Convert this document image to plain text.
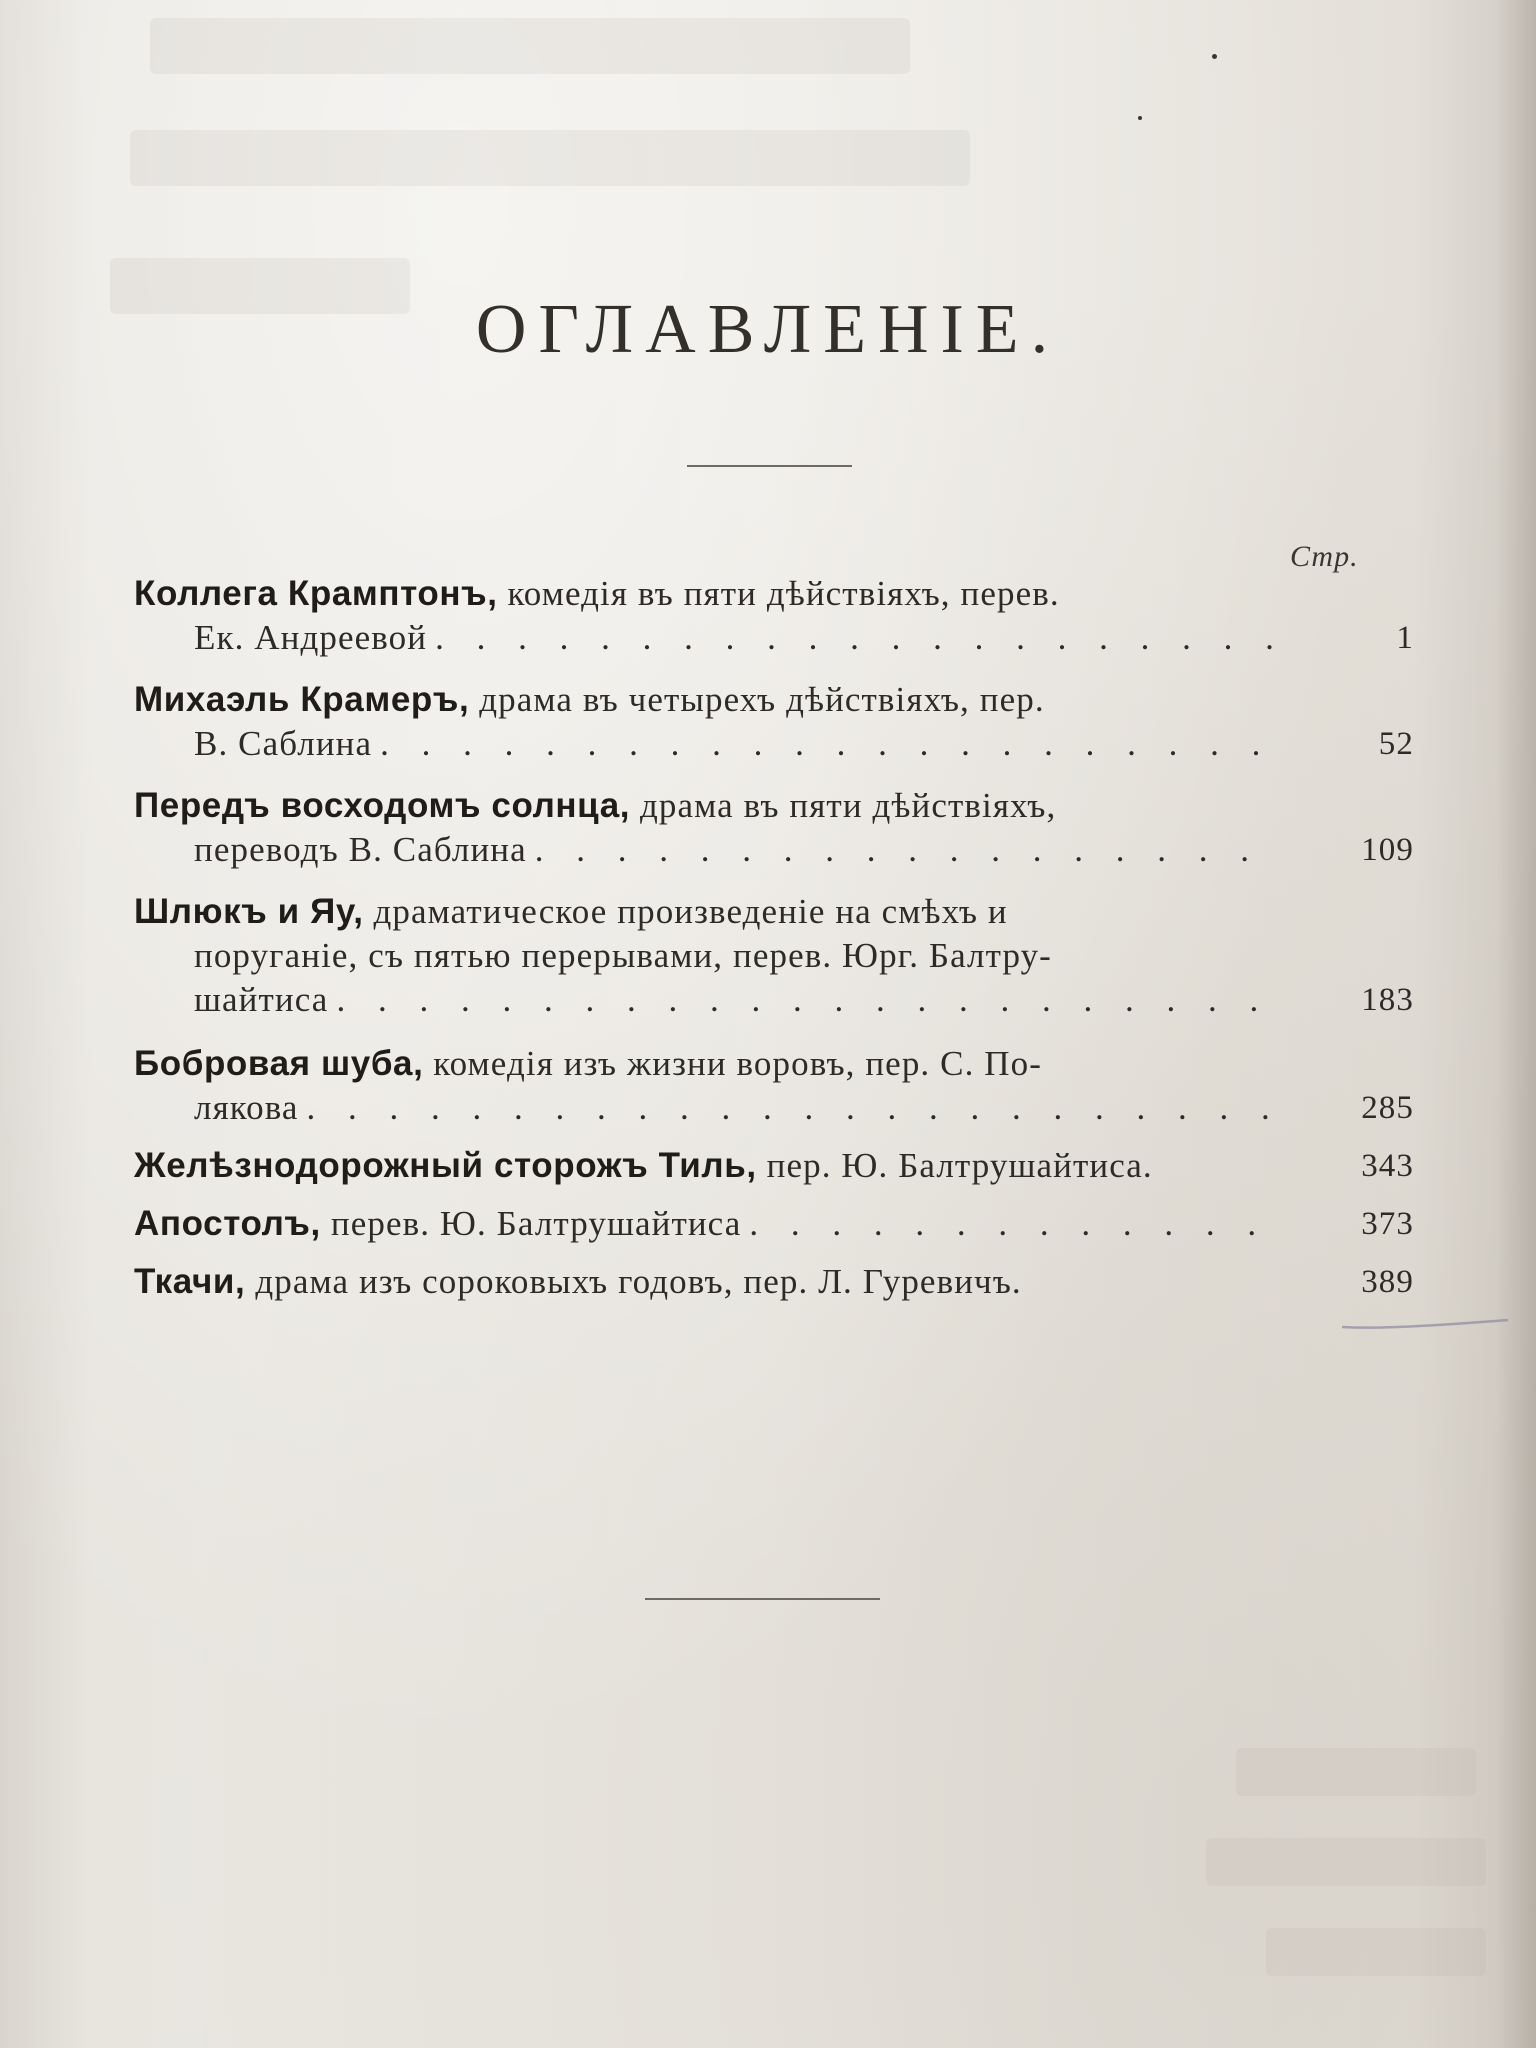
ОГЛАВЛЕНІЕ.
Стр.
Коллега Крамптонъ, комедія въ пяти дѣйствіяхъ, перев.
Ек. Андреевой . . .	1
Михаэль Крамеръ, драма въ четырехъ дѣйствіяхъ, пер.
В. Саблина . . .	52
Передъ восходомъ солнца, драма въ пяти дѣйствіяхъ,
переводъ В. Саблина . . .	109
Шлюкъ и Яу, драматическое произведеніе на смѣхъ и
поруганіе, съ пятью перерывами, перев. Юрг. Балтру-
шайтиса . . .	183
Бобровая шуба, комедія изъ жизни воровъ, пер. С. По-
лякова . . .	285
Желѣзнодорожный сторожъ Тиль, пер. Ю. Балтрушайтиса.	343
Апостолъ, перев. Ю. Балтрушайтиса . . .	373
Ткачи, драма изъ сороковыхъ годовъ, пер. Л. Гуревичъ.	389
